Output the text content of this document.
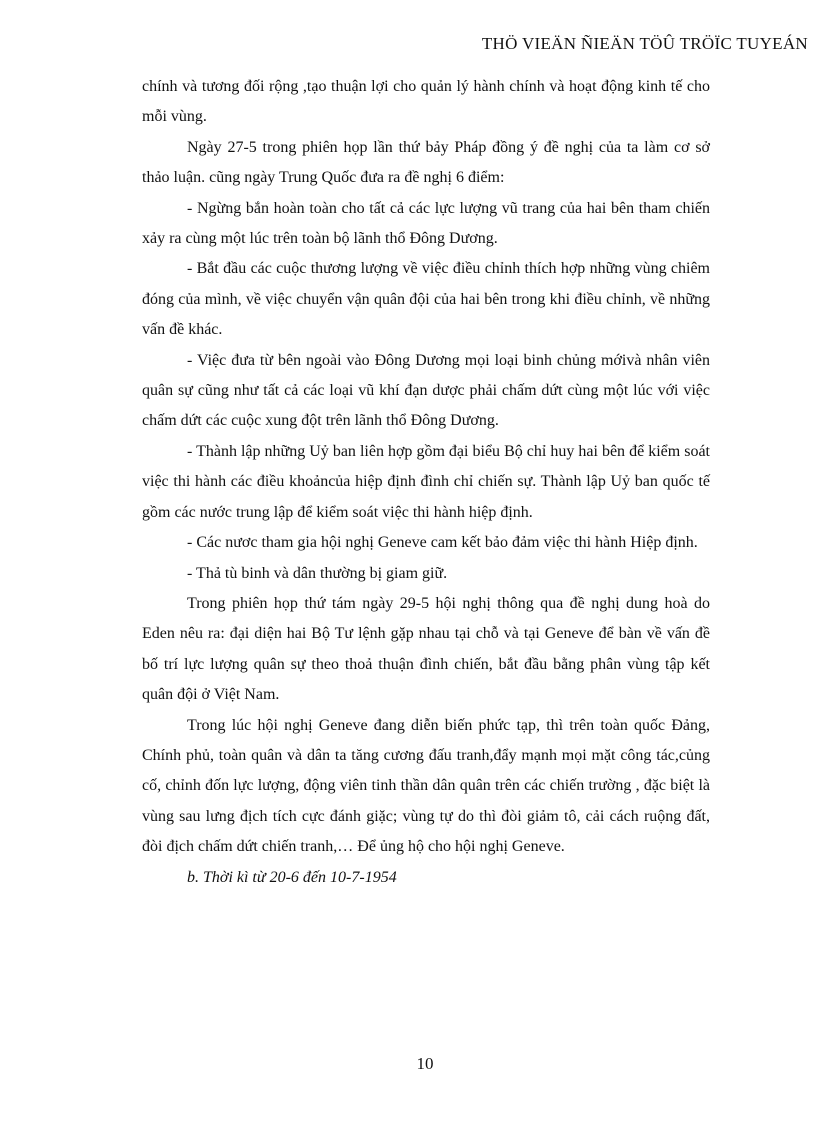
THÖ VIEÄN ÑIEÄN TÖÛ TRÖÏC TUYEÁN

chính và tương đối rộng ,tạo thuận lợi cho quản lý hành chính và hoạt động kinh tế cho mỗi vùng.

Ngày 27-5 trong phiên họp lần thứ bảy Pháp đồng ý đề nghị của ta làm cơ sở thảo luận. cũng ngày Trung Quốc đưa ra đề nghị 6 điểm:

- Ngừng bắn hoàn toàn cho tất cả các lực lượng vũ trang của hai bên tham chiến xảy ra cùng một lúc trên toàn bộ lãnh thổ Đông Dương.

- Bắt đầu các cuộc thương lượng về việc điều chỉnh thích hợp những vùng chiêm đóng của mình, về việc chuyển vận quân đội của hai bên trong khi điều chỉnh, về những vấn đề khác.

- Việc đưa từ bên ngoài vào Đông Dương mọi loại binh chủng mớivà nhân viên quân sự cũng như tất cả các loại vũ khí đạn dược phải chấm dứt cùng một lúc với việc chấm dứt các cuộc xung đột trên lãnh thổ Đông Dương.

- Thành lập những Uỷ ban liên hợp gồm đại biểu Bộ chỉ huy hai bên để kiểm soát việc thi hành các điều khoảncủa hiệp định đình chỉ chiến sự. Thành lập Uỷ ban quốc tế gồm các nước trung lập để kiểm soát việc thi hành hiệp định.

- Các nươc tham gia hội nghị Geneve cam kết bảo đảm việc thi hành Hiệp định.

- Thả tù binh và dân thường bị giam giữ.

Trong phiên họp thứ tám ngày 29-5 hội nghị thông qua đề nghị dung hoà do Eden nêu ra: đại diện hai Bộ Tư lệnh gặp nhau tại chỗ và tại Geneve để bàn về vấn đề bố trí lực lượng quân sự theo thoả thuận đình chiến, bắt đầu bằng phân vùng tập kết quân đội ở Việt Nam.

Trong lúc hội nghị Geneve đang diễn biến phức tạp, thì trên toàn quốc Đảng, Chính phủ, toàn quân và dân ta tăng cương đấu tranh,đẩy mạnh mọi mặt công tác,củng cố, chỉnh đốn lực lượng, động viên tinh thần dân quân trên các chiến trường , đặc biệt là vùng sau lưng địch tích cực đánh giặc; vùng tự do thì đòi giảm tô, cải cách ruộng đất, đòi địch chấm dứt chiến tranh,… Để ủng hộ cho hội nghị Geneve.

b. Thời kì từ 20-6 đến 10-7-1954

10
